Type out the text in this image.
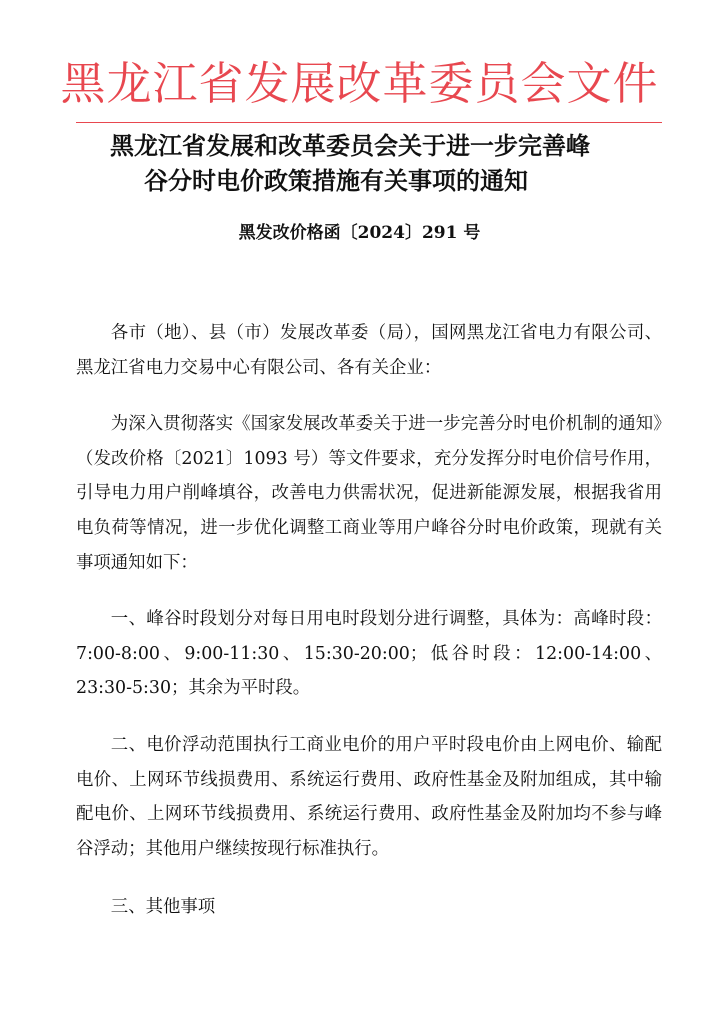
黑龙江省发展改革委员会文件
黑龙江省发展和改革委员会关于进一步完善峰
谷分时电价政策措施有关事项的通知
黑发改价格函〔2024〕291 号

各市（地）、县（市）发展改革委（局），国网黑龙江省电力有限公司、黑龙江省电力交易中心有限公司、各有关企业：

为深入贯彻落实《国家发展改革委关于进一步完善分时电价机制的通知》（发改价格〔2021〕1093 号）等文件要求，充分发挥分时电价信号作用，引导电力用户削峰填谷，改善电力供需状况，促进新能源发展，根据我省用电负荷等情况，进一步优化调整工商业等用户峰谷分时电价政策，现就有关事项通知如下：

一、峰谷时段划分对每日用电时段划分进行调整，具体为：高峰时段：7:00-8:00、9:00-11:30、15:30-20:00；低谷时段：12:00-14:00、23:30-5:30；其余为平时段。

二、电价浮动范围执行工商业电价的用户平时段电价由上网电价、输配电价、上网环节线损费用、系统运行费用、政府性基金及附加组成，其中输配电价、上网环节线损费用、系统运行费用、政府性基金及附加均不参与峰谷浮动；其他用户继续按现行标准执行。

三、其他事项
